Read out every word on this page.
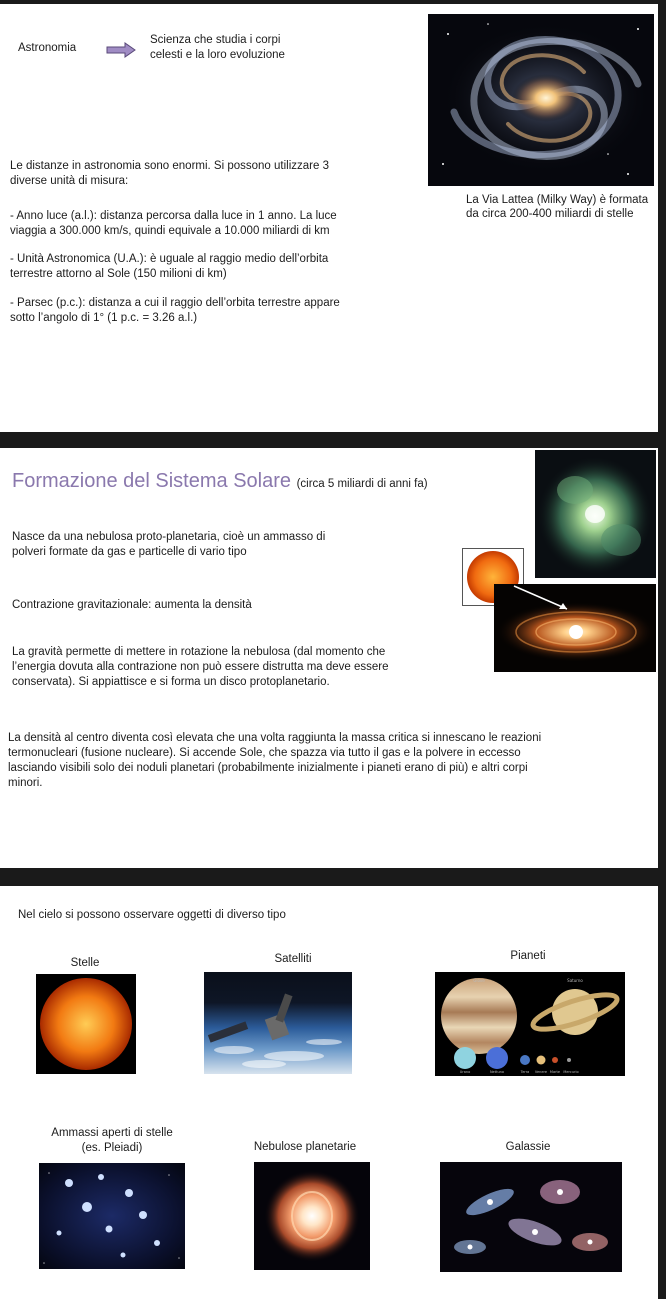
Astronomia
Scienza che studia i corpi
celesti e la loro evoluzione
Le distanze in astronomia sono enormi. Si possono utilizzare 3
diverse unità di misura:
- Anno luce (a.l.): distanza percorsa dalla luce in 1 anno. La luce
viaggia a 300.000 km/s, quindi equivale a 10.000 miliardi di km
- Unità Astronomica (U.A.): è uguale al raggio medio dell’orbita
terrestre attorno al Sole (150 milioni di km)
- Parsec (p.c.): distanza a cui il raggio dell’orbita terrestre appare
sotto l’angolo di 1° (1 p.c. = 3.26 a.l.)
La Via Lattea (Milky Way) è formata
da circa 200-400 miliardi di stelle
Formazione del Sistema Solare (circa 5 miliardi di anni fa)
Nasce da una nebulosa proto-planetaria, cioè un ammasso di
polveri formate da gas e particelle di vario tipo
Contrazione gravitazionale: aumenta la densità
La gravità permette di mettere in rotazione la nebulosa (dal momento che
l’energia dovuta alla contrazione non può essere distrutta ma deve essere
conservata). Si appiattisce e si forma un disco protoplanetario.
La densità al centro diventa così elevata che una volta raggiunta la massa critica si innescano le reazioni
termonucleari (fusione nucleare). Si accende Sole, che spazza via tutto il gas e la polvere in eccesso
lasciando visibili solo dei noduli planetari (probabilmente inizialmente i pianeti erano di più) e altri corpi
minori.
Nel cielo si possono osservare oggetti di diverso tipo
Stelle	Satelliti	Pianeti
Giove	Saturno
Urano	Nettuno	Terra Venere Marte Mercurio
Ammassi aperti di stelle
(es. Pleiadi)	Nebulose planetarie	Galassie
